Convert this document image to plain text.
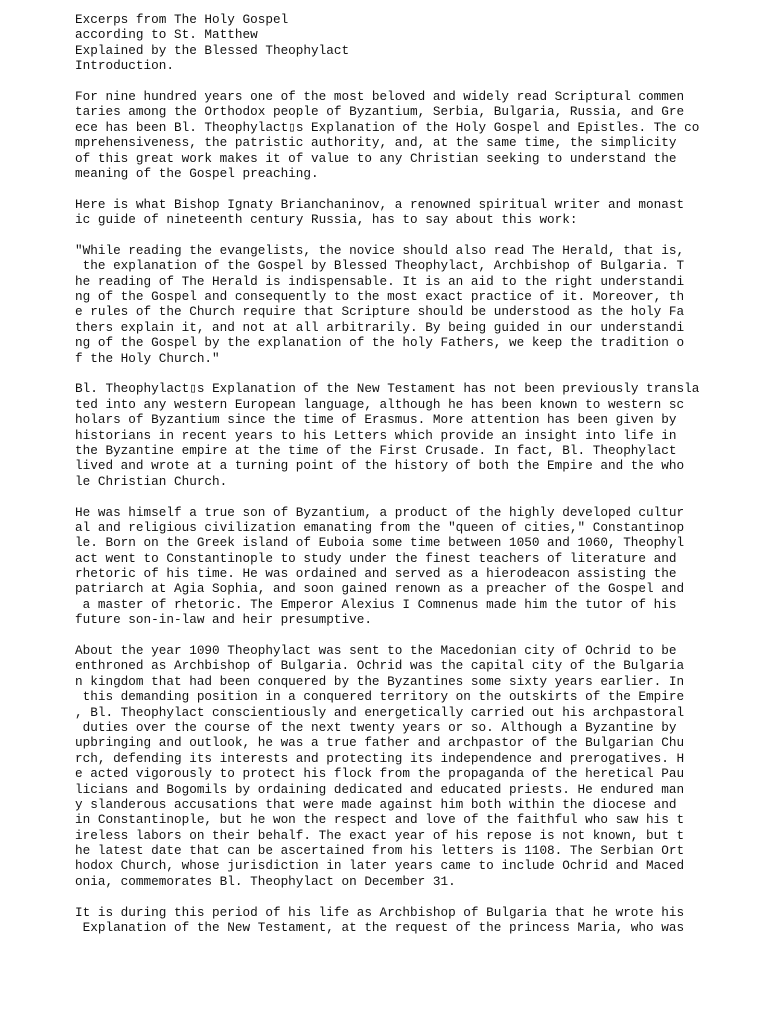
Excerps from The Holy Gospel
according to St. Matthew
Explained by the Blessed Theophylact
Introduction.
For nine hundred years one of the most beloved and widely read Scriptural commen
taries among the Orthodox people of Byzantium, Serbia, Bulgaria, Russia, and Gre
ece has been Bl. Theophylact▯s Explanation of the Holy Gospel and Epistles. The co
mprehensiveness, the patristic authority, and, at the same time, the simplicity
of this great work makes it of value to any Christian seeking to understand the
meaning of the Gospel preaching.
Here is what Bishop Ignaty Brianchaninov, a renowned spiritual writer and monast
ic guide of nineteenth century Russia, has to say about this work:
"While reading the evangelists, the novice should also read The Herald, that is,
the explanation of the Gospel by Blessed Theophylact, Archbishop of Bulgaria. T
he reading of The Herald is indispensable. It is an aid to the right understandi
ng of the Gospel and consequently to the most exact practice of it. Moreover, th
e rules of the Church require that Scripture should be understood as the holy Fa
thers explain it, and not at all arbitrarily. By being guided in our understandi
ng of the Gospel by the explanation of the holy Fathers, we keep the tradition o
f the Holy Church."
Bl. Theophylact▯s Explanation of the New Testament has not been previously transla
ted into any western European language, although he has been known to western sc
holars of Byzantium since the time of Erasmus. More attention has been given by
historians in recent years to his Letters which provide an insight into life in
the Byzantine empire at the time of the First Crusade. In fact, Bl. Theophylact
lived and wrote at a turning point of the history of both the Empire and the who
le Christian Church.
He was himself a true son of Byzantium, a product of the highly developed cultur
al and religious civilization emanating from the "queen of cities," Constantinop
le. Born on the Greek island of Euboia some time between 1050 and 1060, Theophyl
act went to Constantinople to study under the finest teachers of literature and
rhetoric of his time. He was ordained and served as a hierodeacon assisting the
patriarch at Agia Sophia, and soon gained renown as a preacher of the Gospel and
a master of rhetoric. The Emperor Alexius I Comnenus made him the tutor of his
future son-in-law and heir presumptive.
About the year 1090 Theophylact was sent to the Macedonian city of Ochrid to be
enthroned as Archbishop of Bulgaria. Ochrid was the capital city of the Bulgaria
n kingdom that had been conquered by the Byzantines some sixty years earlier. In
this demanding position in a conquered territory on the outskirts of the Empire
, Bl. Theophylact conscientiously and energetically carried out his archpastoral
duties over the course of the next twenty years or so. Although a Byzantine by
upbringing and outlook, he was a true father and archpastor of the Bulgarian Chu
rch, defending its interests and protecting its independence and prerogatives. H
e acted vigorously to protect his flock from the propaganda of the heretical Pau
licians and Bogomils by ordaining dedicated and educated priests. He endured man
y slanderous accusations that were made against him both within the diocese and
in Constantinople, but he won the respect and love of the faithful who saw his t
ireless labors on their behalf. The exact year of his repose is not known, but t
he latest date that can be ascertained from his letters is 1108. The Serbian Ort
hodox Church, whose jurisdiction in later years came to include Ochrid and Maced
onia, commemorates Bl. Theophylact on December 31.
It is during this period of his life as Archbishop of Bulgaria that he wrote his
Explanation of the New Testament, at the request of the princess Maria, who was
